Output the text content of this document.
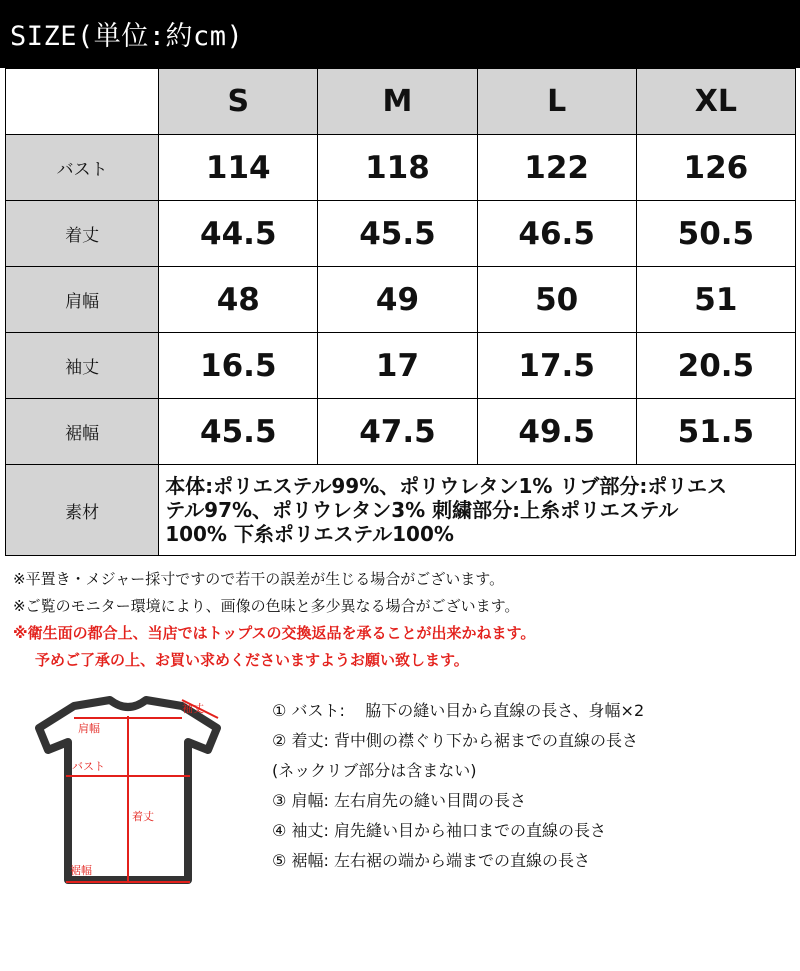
SIZE(単位:約cm)
	S	M	L	XL
バスト	114	118	122	126
着丈	44.5	45.5	46.5	50.5
肩幅	48	49	50	51
袖丈	16.5	17	17.5	20.5
裾幅	45.5	47.5	49.5	51.5
素材	本体:ポリエステル99%、ポリウレタン1% リブ部分:ポリエス
テル97%、ポリウレタン3% 刺繍部分:上糸ポリエステル
100% 下糸ポリエステル100%			
※平置き・メジャー採寸ですので若干の誤差が生じる場合がございます。
※ご覧のモニター環境により、画像の色味と多少異なる場合がございます。
※衛生面の都合上、当店ではトップスの交換返品を承ることが出来かねます。
予めご了承の上、お買い求めくださいますようお願い致します。
袖丈
肩幅
バスト
着丈
裾幅
① バスト: 脇下の縫い目から直線の長さ、身幅×2
② 着丈: 背中側の襟ぐり下から裾までの直線の長さ
(ネックリブ部分は含まない)
③ 肩幅: 左右肩先の縫い目間の長さ
④ 袖丈: 肩先縫い目から袖口までの直線の長さ
⑤ 裾幅: 左右裾の端から端までの直線の長さ
